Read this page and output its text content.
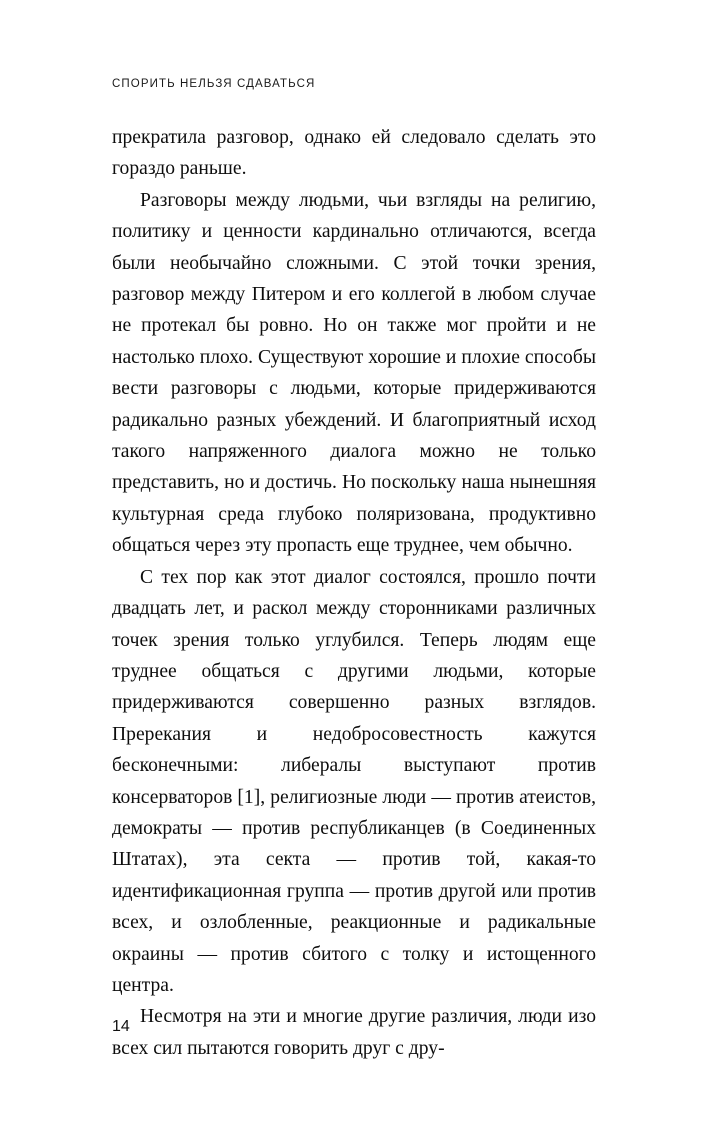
СПОРИТЬ НЕЛЬЗЯ СДАВАТЬСЯ

прекратила разговор, однако ей следовало сделать это гораздо раньше.

Разговоры между людьми, чьи взгляды на религию, политику и ценности кардинально отличаются, всегда были необычайно сложными. С этой точки зрения, разговор между Питером и его коллегой в любом случае не протекал бы ровно. Но он также мог пройти и не настолько плохо. Существуют хорошие и плохие способы вести разговоры с людьми, которые придерживаются радикально разных убеждений. И благоприятный исход такого напряженного диалога можно не только представить, но и достичь. Но поскольку наша нынешняя культурная среда глубоко поляризована, продуктивно общаться через эту пропасть еще труднее, чем обычно.

С тех пор как этот диалог состоялся, прошло почти двадцать лет, и раскол между сторонниками различных точек зрения только углубился. Теперь людям еще труднее общаться с другими людьми, которые придерживаются совершенно разных взглядов. Пререкания и недобросовестность кажутся бесконечными: либералы выступают против консерваторов [1], религиозные люди — против атеистов, демократы — против республиканцев (в Соединенных Штатах), эта секта — против той, какая-то идентификационная группа — против другой или против всех, и озлобленные, реакционные и радикальные окраины — против сбитого с толку и истощенного центра.

Несмотря на эти и многие другие различия, люди изо всех сил пытаются говорить друг с дру-

14
